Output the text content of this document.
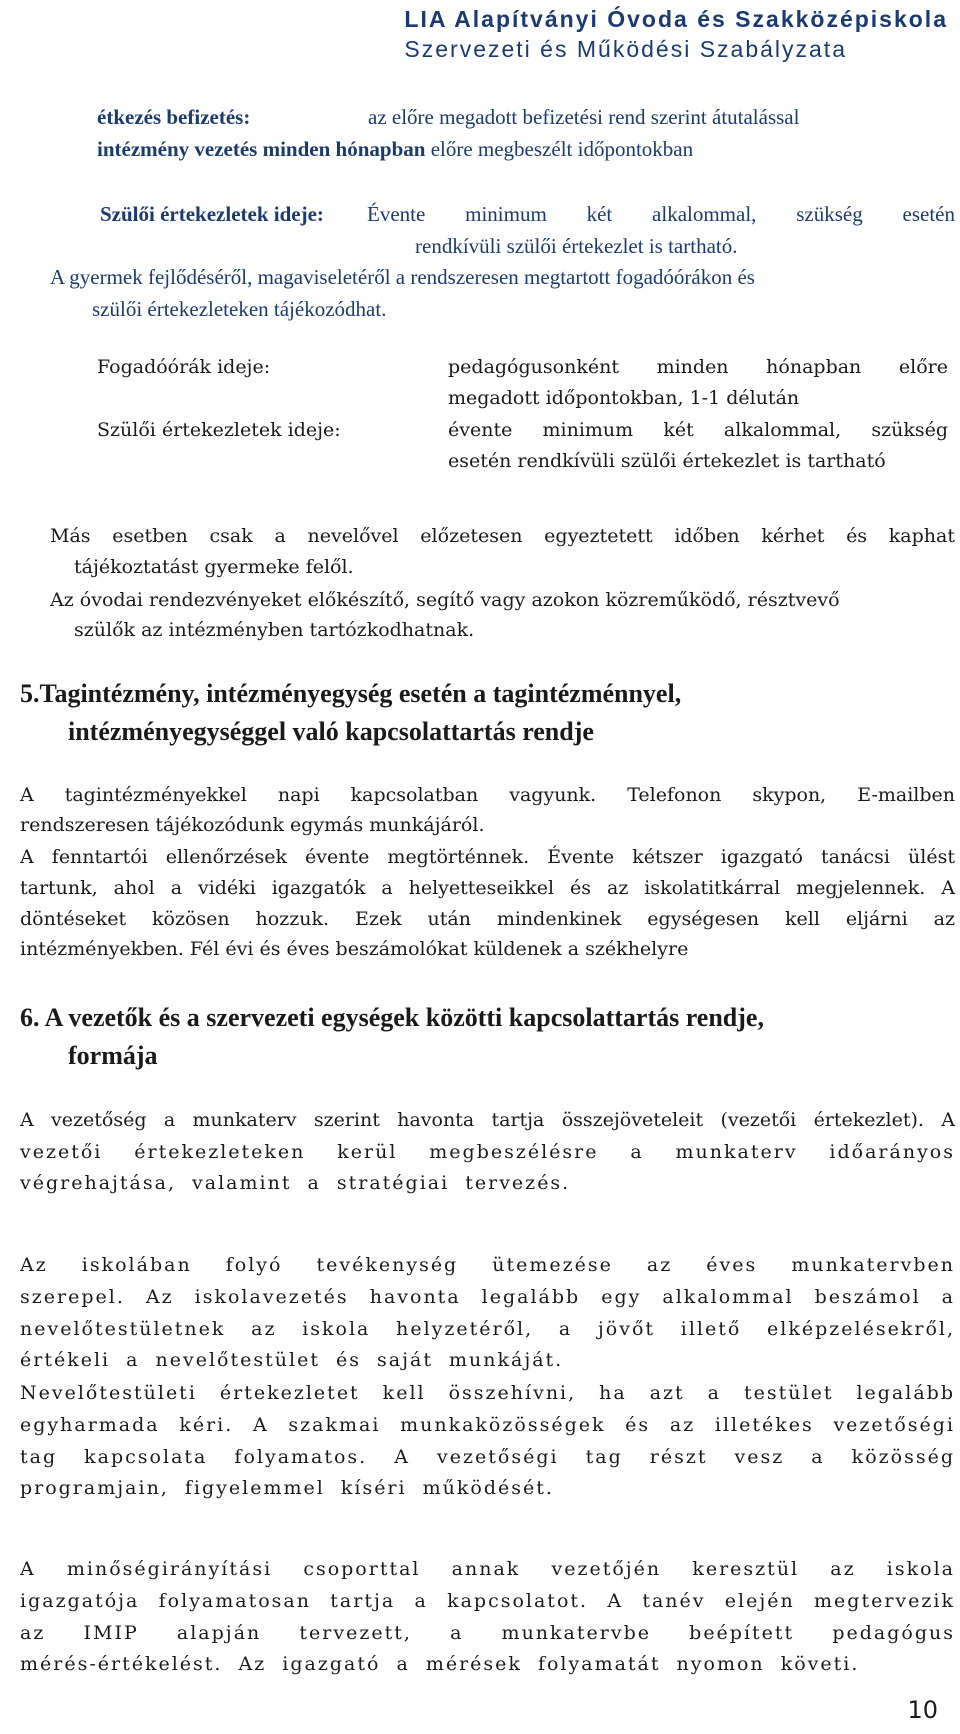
LIA Alapítványi Óvoda és Szakközépiskola
Szervezeti és Működési Szabályzata
étkezés befizetés:	az előre megadott befizetési rend szerint átutalással
intézmény vezetés minden hónapban előre megbeszélt időpontokban
Szülői értekezletek ideje: Évente minimum két alkalommal, szükség esetén
rendkívüli szülői értekezlet is tartható.
A gyermek fejlődéséről, magaviseletéről a rendszeresen megtartott fogadóórákon és
szülői értekezleteken tájékozódhat.
Fogadóórák ideje:	pedagógusonként minden hónapban előre
megadott időpontokban, 1-1 délután
Szülői értekezletek ideje:	évente minimum két alkalommal, szükség
esetén rendkívüli szülői értekezlet is tartható
Más esetben csak a nevelővel előzetesen egyeztetett időben kérhet és kaphat
tájékoztatást gyermeke felől.
Az óvodai rendezvényeket előkészítő, segítő vagy azokon közreműködő, résztvevő
szülők az intézményben tartózkodhatnak.
5.Tagintézmény, intézményegység esetén a tagintézménnyel,
intézményegységgel való kapcsolattartás rendje
A tagintézményekkel napi kapcsolatban vagyunk. Telefonon skypon, E-mailben
rendszeresen tájékozódunk egymás munkájáról.
A fenntartói ellenőrzések évente megtörténnek. Évente kétszer igazgató tanácsi ülést
tartunk, ahol a vidéki igazgatók a helyetteseikkel és az iskolatitkárral megjelennek. A
döntéseket közösen hozzuk. Ezek után mindenkinek egységesen kell eljárni az
intézményekben. Fél évi és éves beszámolókat küldenek a székhelyre
6. A vezetők és a szervezeti egységek közötti kapcsolattartás rendje,
formája
A vezetőség a munkaterv szerint havonta tartja összejöveteleit (vezetői értekezlet). A
vezetői értekezleteken kerül megbeszélésre a munkaterv időarányos
végrehajtása, valamint a stratégiai tervezés.
Az iskolában folyó tevékenység ütemezése az éves munkatervben
szerepel. Az iskolavezetés havonta legalább egy alkalommal beszámol a
nevelőtestületnek az iskola helyzetéről, a jövőt illető elképzelésekről,
értékeli a nevelőtestület és saját munkáját.
Nevelőtestületi értekezletet kell összehívni, ha azt a testület legalább
egyharmada kéri. A szakmai munkaközösségek és az illetékes vezetőségi
tag kapcsolata folyamatos. A vezetőségi tag részt vesz a közösség
programjain, figyelemmel kíséri működését.
A minőségirányítási csoporttal annak vezetőjén keresztül az iskola
igazgatója folyamatosan tartja a kapcsolatot. A tanév elején megtervezik
az IMIP alapján tervezett, a munkatervbe beépített pedagógus
mérés-értékelést. Az igazgató a mérések folyamatát nyomon követi.
10
